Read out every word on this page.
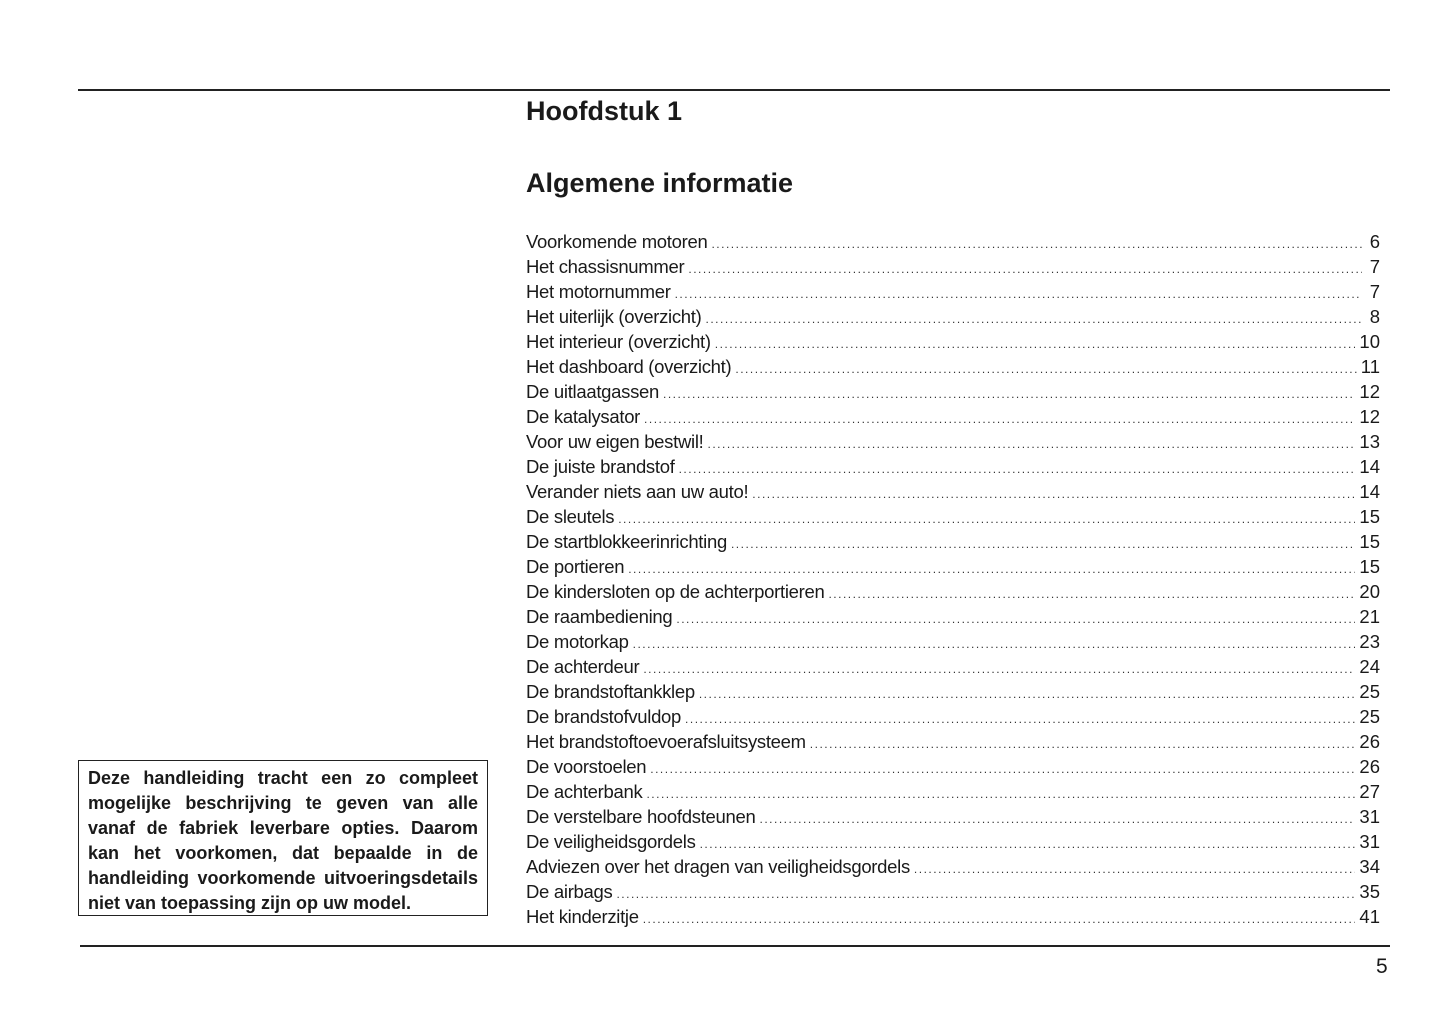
Hoofdstuk 1
Algemene informatie
Voorkomende motoren .....	6
Het chassisnummer .....	7
Het motornummer .....	7
Het uiterlijk (overzicht) .....	8
Het interieur (overzicht) .....	10
Het dashboard (overzicht) .....	11
De uitlaatgassen .....	12
De katalysator .....	12
Voor uw eigen bestwil! .....	13
De juiste brandstof .....	14
Verander niets aan uw auto! .....	14
De sleutels .....	15
De startblokkeerinrichting .....	15
De portieren .....	15
De kindersloten op de achterportieren .....	20
De raambediening .....	21
De motorkap .....	23
De achterdeur .....	24
De brandstoftankklep .....	25
De brandstofvuldop .....	25
Het brandstoftoevoerafsluitsysteem .....	26
De voorstoelen .....	26
De achterbank .....	27
De verstelbare hoofdsteunen .....	31
De veiligheidsgordels .....	31
Adviezen over het dragen van veiligheidsgordels .....	34
De airbags .....	35
Het kinderzitje .....	41
Deze handleiding tracht een zo compleet mogelijke beschrijving te geven van alle vanaf de fabriek leverbare opties. Daarom kan het voorkomen, dat bepaalde in de handleiding voorkomende uitvoeringsdetails niet van toepassing zijn op uw model.
5
